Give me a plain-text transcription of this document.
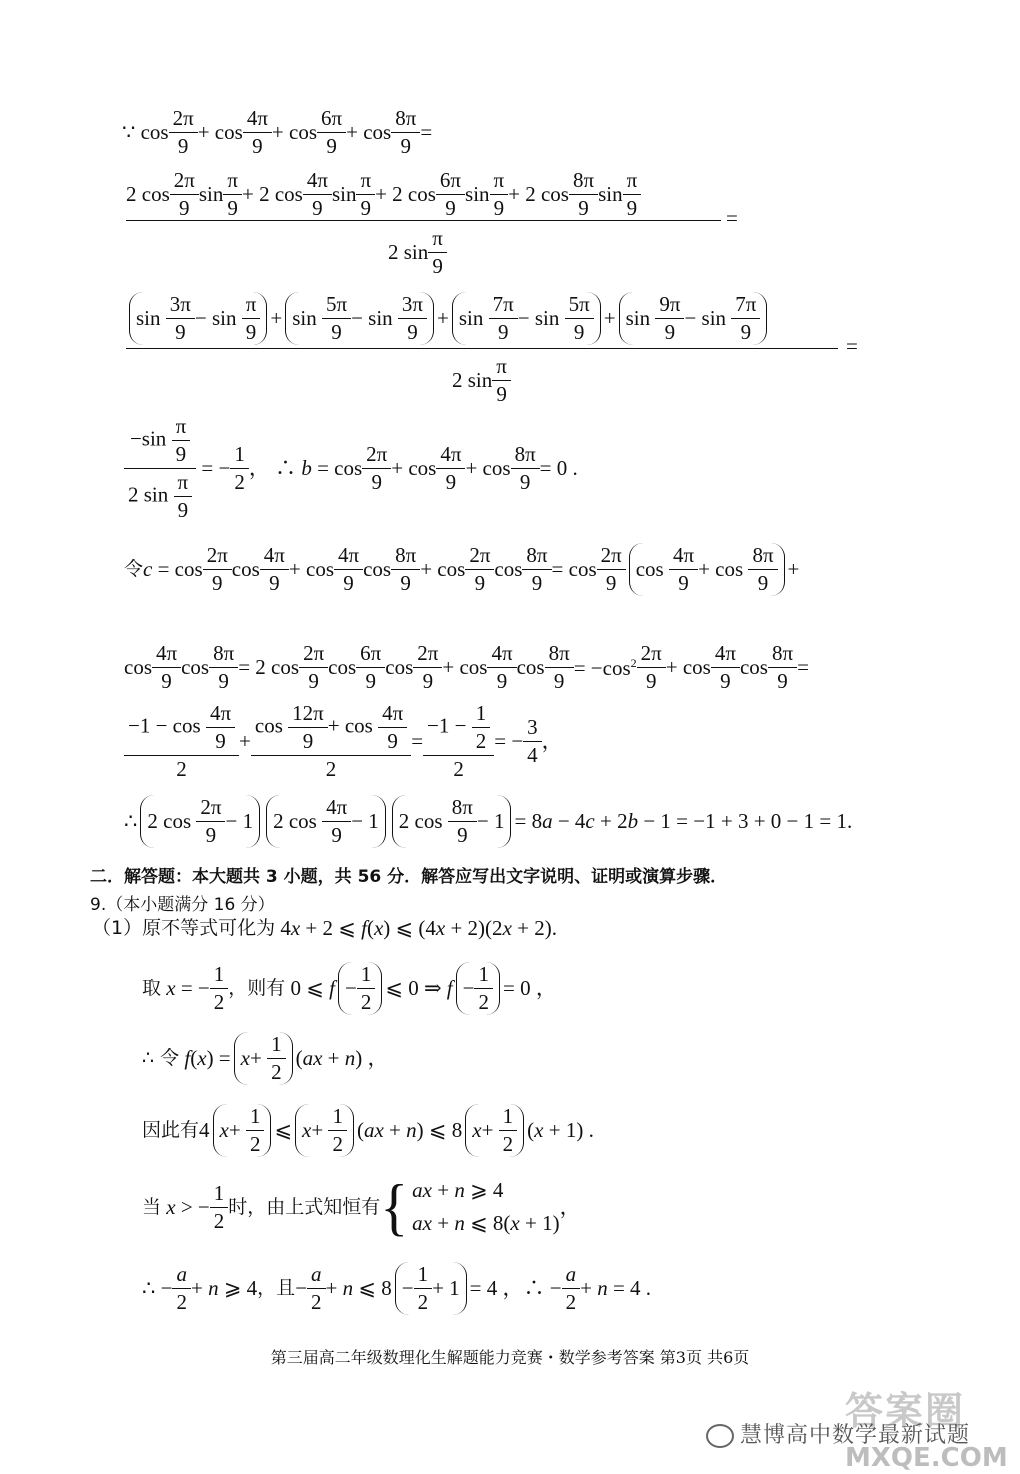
∵ $\cos \frac{2\pi}{9} + \cos \frac{4\pi}{9} + \cos \frac{6\pi}{9} + \cos \frac{8\pi}{9}$ =
2 $\cos \frac{2\pi}{9}$ $\sin \frac{\pi}{9} + 2$ $\cos \frac{4\pi}{9}$ $\sin \frac{\pi}{9} + 2$ $\cos \frac{6\pi}{9}$ $\sin \frac{\pi}{9} + 2$ $\cos \frac{8\pi}{9}$ $\sin \frac{\pi}{9}$	=
2 $\sin \frac{\pi}{9}$
$\sin \frac{3\pi}{9} - \sin \frac{\pi}{9} + \sin \frac{5\pi}{9} - \sin \frac{3\pi}{9} + \sin \frac{7\pi}{9} - \sin \frac{5\pi}{9} + \sin \frac{9\pi}{9} - \sin \frac{7\pi}{9}$
=
2 $\sin \frac{\pi}{9}$
$\frac{-\sin \frac{\pi}{9}}{2 \sin \frac{\pi}{9}}$ = − $\frac{1}{2}$ ， ∴ $b = \cos \frac{2\pi}{9} + \cos \frac{4\pi}{9} + \cos \frac{8\pi}{9} = 0$ .
令 $c = \cos \frac{2\pi}{9}$ $\cos \frac{4\pi}{9} + \cos \frac{4\pi}{9}$ $\cos \frac{8\pi}{9} + \cos \frac{2\pi}{9}$ $\cos \frac{8\pi}{9} = \cos \frac{2\pi}{9}$ $\cos \frac{4\pi}{9} + \cos \frac{8\pi}{9}$ +
$\cos \frac{4\pi}{9}$ $\cos \frac{8\pi}{9} = 2$ $\cos \frac{2\pi}{9}$ $\cos \frac{6\pi}{9}$ $\cos \frac{2\pi}{9} + \cos \frac{4\pi}{9}$ $\cos \frac{8\pi}{9} = -\cos^2 \frac{2\pi}{9} + \cos \frac{4\pi}{9}$ $\cos \frac{8\pi}{9}$ =
$\frac{-1 - \cos \frac{4\pi}{9}}{2} + \frac{\cos \frac{12\pi}{9} + \cos \frac{4\pi}{9}}{2} = \frac{-1 - \frac{1}{2}}{2}$ = − $\frac{3}{4}$ ，
∴ 2 $\cos \frac{2\pi}{9} - 1$ 2 $\cos \frac{4\pi}{9} - 1$ 2 $\cos \frac{8\pi}{9} - 1 = 8a - 4c + 2b - 1 = -1 + 3 + 0 - 1 = 1$.
二．解答题：本大题共 3 小题，共 56 分．解答应写出文字说明、证明或演算步骤．
9.（本小题满分 16 分）
（1）原不等式可化为 4x + 2 ⩽ f(x) ⩽ (4x + 2)(2x + 2).
取 x = − $\frac{1}{2}$ ，则有 0 ⩽ $f - \frac{1}{2}$ ⩽ 0 ⇒ $f - \frac{1}{2} = 0$ ，
∴ 令 $f(x) = x + \frac{1}{2} (ax + n)$ ，
因此有 4 $x + \frac{1}{2}$ ⩽ $x + \frac{1}{2} (ax + n)$ ⩽ 8 $x + \frac{1}{2} (x + 1)$ .
当 x > − $\frac{1}{2}$ 时，由上式知恒有 { ax + n ⩾ 4
ax + n ⩽ 8(x + 1)
，
∴ − $\frac{a}{2} + n$ ⩾ 4 ，且 − $\frac{a}{2} + n$ ⩽ $8 - \frac{1}{2} + 1 = 4$ ，∴ − $\frac{a}{2} + n = 4$ .
第三届高二年级数理化生解题能力竞赛・数学参考答案 第3页 共6页
答案圈
MXQE.COM
慧博高中数学最新试题
